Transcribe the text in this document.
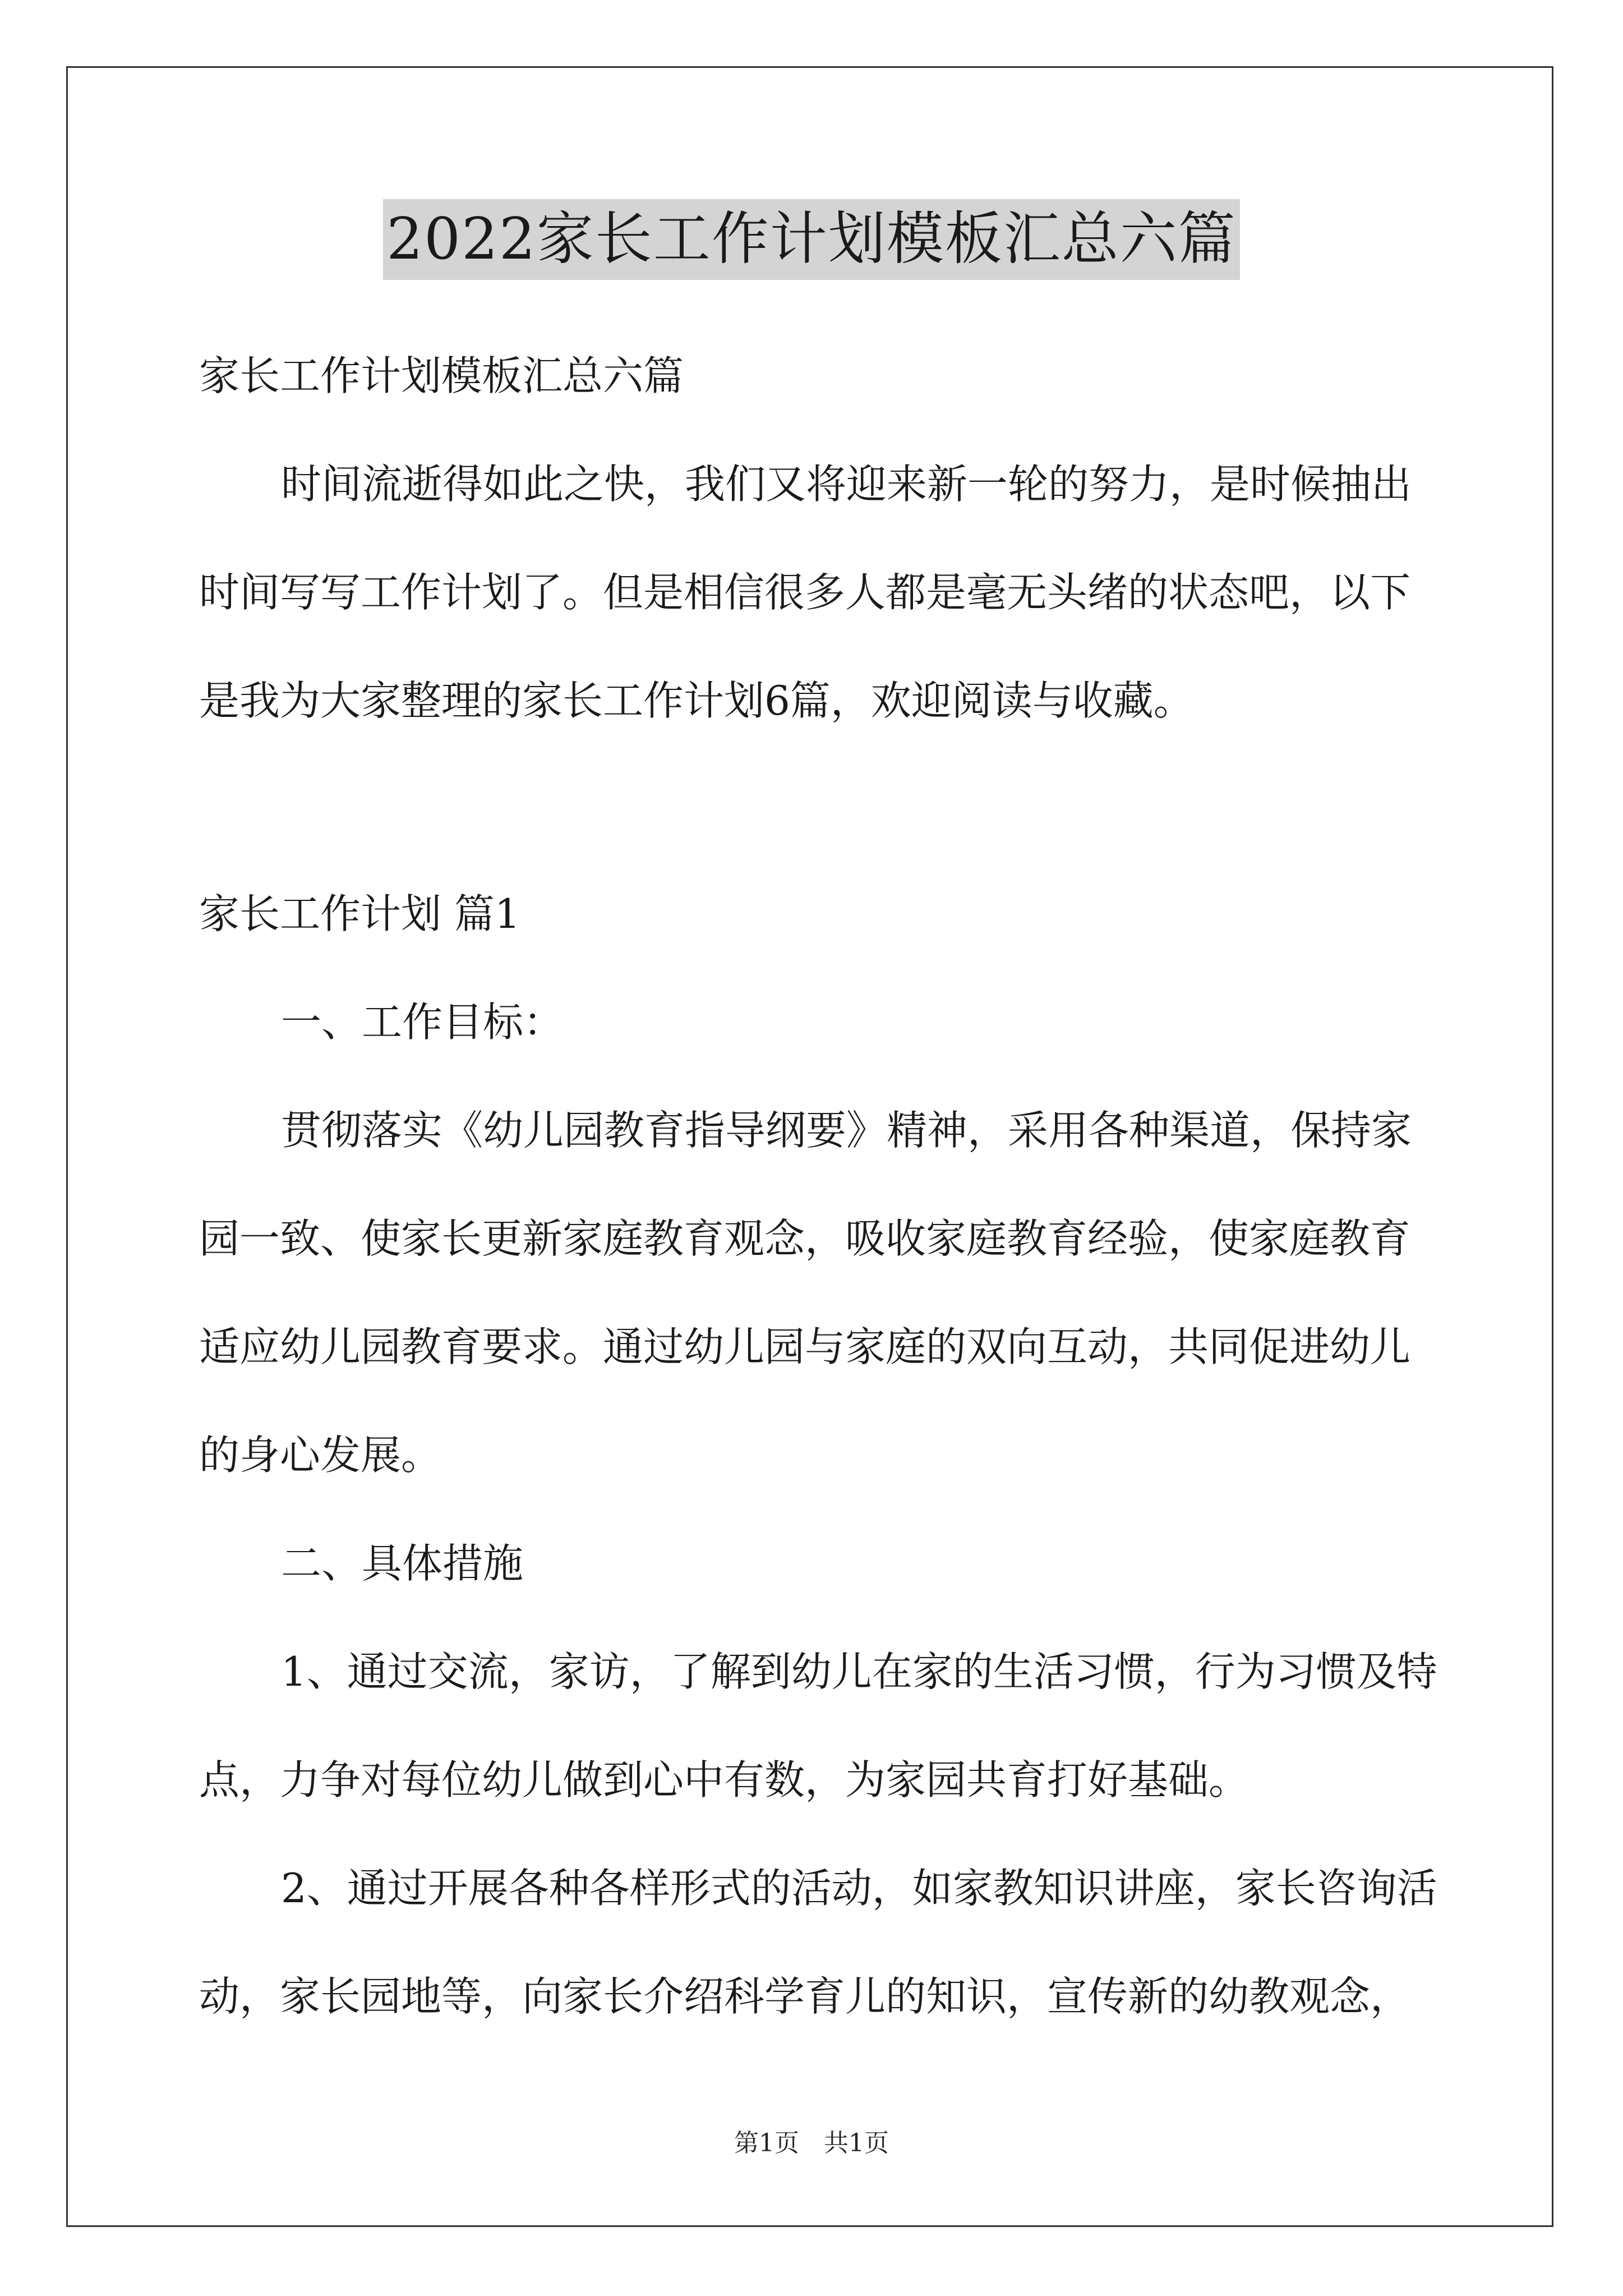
2022家长工作计划模板汇总六篇
家长工作计划模板汇总六篇
时间流逝得如此之快，我们又将迎来新一轮的努力，是时候抽出
时间写写工作计划了。但是相信很多人都是毫无头绪的状态吧，以下
是我为大家整理的家长工作计划6篇，欢迎阅读与收藏。
家长工作计划 篇1
一、工作目标：
贯彻落实《幼儿园教育指导纲要》精神，采用各种渠道，保持家
园一致、使家长更新家庭教育观念，吸收家庭教育经验，使家庭教育
适应幼儿园教育要求。通过幼儿园与家庭的双向互动，共同促进幼儿
的身心发展。
二、具体措施
1、通过交流，家访，了解到幼儿在家的生活习惯，行为习惯及特
点，力争对每位幼儿做到心中有数，为家园共育打好基础。
2、通过开展各种各样形式的活动，如家教知识讲座，家长咨询活
动，家长园地等，向家长介绍科学育儿的知识，宣传新的幼教观念，
第1页　共1页
